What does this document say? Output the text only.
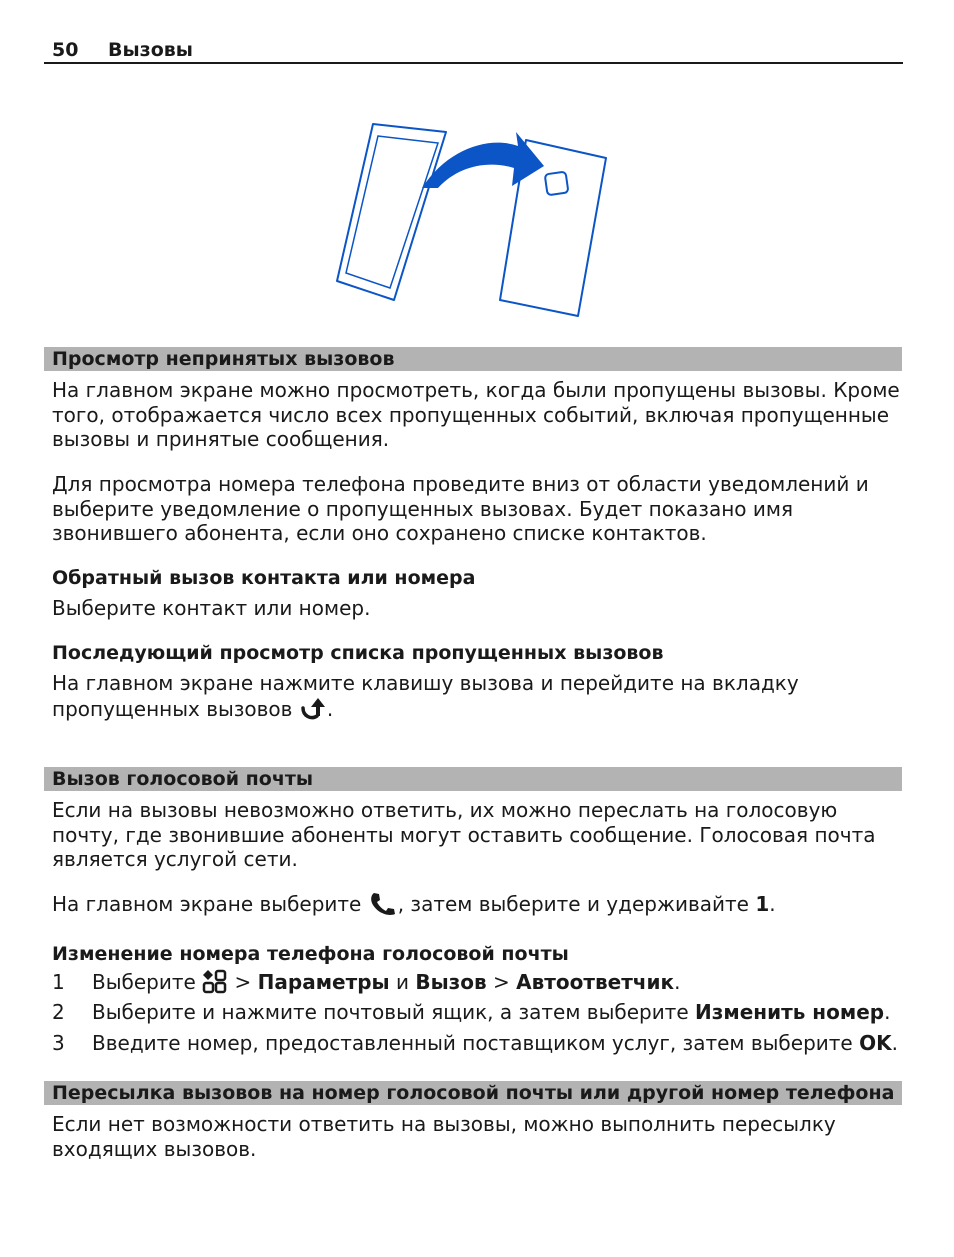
50 Вызовы
Просмотр непринятых вызовов
На главном экране можно просмотреть, когда были пропущены вызовы. Кроме того, отображается число всех пропущенных событий, включая пропущенные вызовы и принятые сообщения.
Для просмотра номера телефона проведите вниз от области уведомлений и выберите уведомление о пропущенных вызовах. Будет показано имя звонившего абонента, если оно сохранено списке контактов.
Обратный вызов контакта или номера
Выберите контакт или номер.
Последующий просмотр списка пропущенных вызовов
На главном экране нажмите клавишу вызова и перейдите на вкладку пропущенных вызовов .
Вызов голосовой почты
Если на вызовы невозможно ответить, их можно переслать на голосовую почту, где звонившие абоненты могут оставить сообщение. Голосовая почта является услугой сети.
На главном экране выберите , затем выберите и удерживайте 1.
Изменение номера телефона голосовой почты
1 Выберите > Параметры и Вызов > Автоответчик.
2 Выберите и нажмите почтовый ящик, а затем выберите Изменить номер.
3 Введите номер, предоставленный поставщиком услуг, затем выберите OK.
Пересылка вызовов на номер голосовой почты или другой номер телефона
Если нет возможности ответить на вызовы, можно выполнить пересылку входящих вызовов.
